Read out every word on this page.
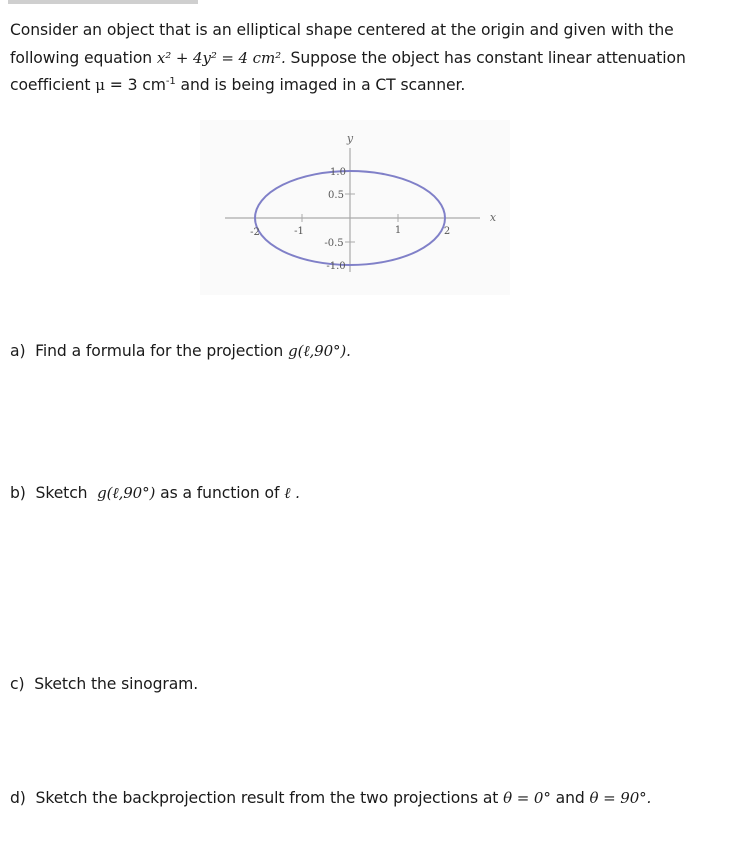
Consider an object that is an elliptical shape centered at the origin and given with the
following equation x² + 4y² = 4 cm². Suppose the object has constant linear attenuation
coefficient μ = 3 $cm^{-1}$ and is being imaged in a CT scanner.
y
x
-2	-1	1	2
1.0
0.5
-0.5
-1.0
a) Find a formula for the projection g(ℓ,90°).
b) Sketch g(ℓ,90°) as a function of ℓ .
c) Sketch the sinogram.
d) Sketch the backprojection result from the two projections at θ = 0° and θ = 90°.
